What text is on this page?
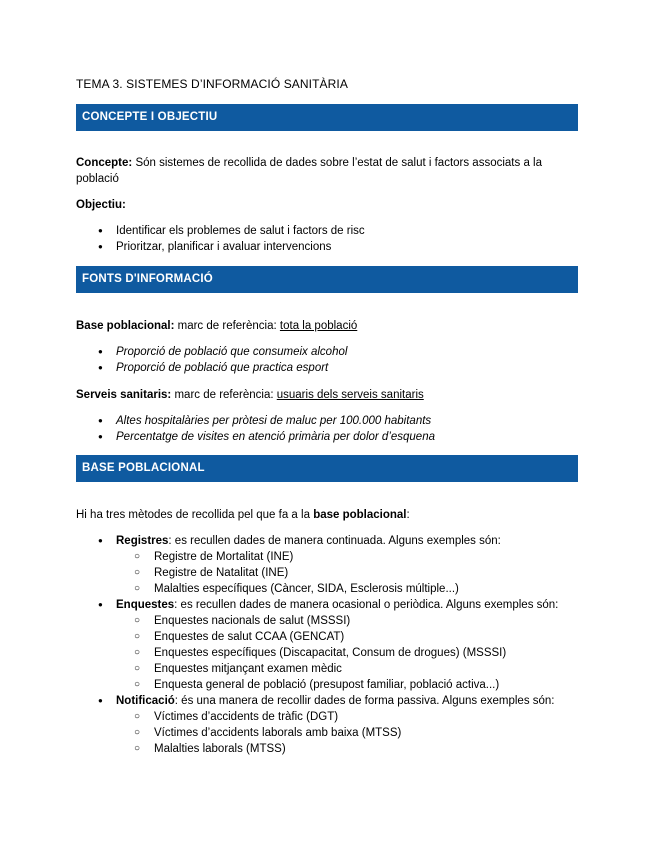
TEMA 3. SISTEMES D’INFORMACIÓ SANITÀRIA
CONCEPTE I OBJECTIU

Concepte: Són sistemes de recollida de dades sobre l’estat de salut i factors associats a la població

Objectiu:

● Identificar els problemes de salut i factors de risc
● Prioritzar, planificar i avaluar intervencions
FONTS D'INFORMACIÓ

Base poblacional: marc de referència: tota la població

● Proporció de població que consumeix alcohol
● Proporció de població que practica esport

Serveis sanitaris: marc de referència: usuaris dels serveis sanitaris

● Altes hospitalàries per pròtesi de maluc per 100.000 habitants
● Percentatge de visites en atenció primària per dolor d’esquena
BASE POBLACIONAL

Hi ha tres mètodes de recollida pel que fa a la base poblacional:

● Registres: es recullen dades de manera continuada. Alguns exemples són:
○ Registre de Mortalitat (INE)
○ Registre de Natalitat (INE)
○ Malalties específiques (Càncer, SIDA, Esclerosis múltiple...)
● Enquestes: es recullen dades de manera ocasional o periòdica. Alguns exemples són:
○ Enquestes nacionals de salut (MSSSI)
○ Enquestes de salut CCAA (GENCAT)
○ Enquestes específiques (Discapacitat, Consum de drogues) (MSSSI)
○ Enquestes mitjançant examen mèdic
○ Enquesta general de població (presupost familiar, població activa...)
● Notificació: és una manera de recollir dades de forma passiva. Alguns exemples són:
○ Víctimes d’accidents de tràfic (DGT)
○ Víctimes d’accidents laborals amb baixa (MTSS)
○ Malalties laborals (MTSS)
